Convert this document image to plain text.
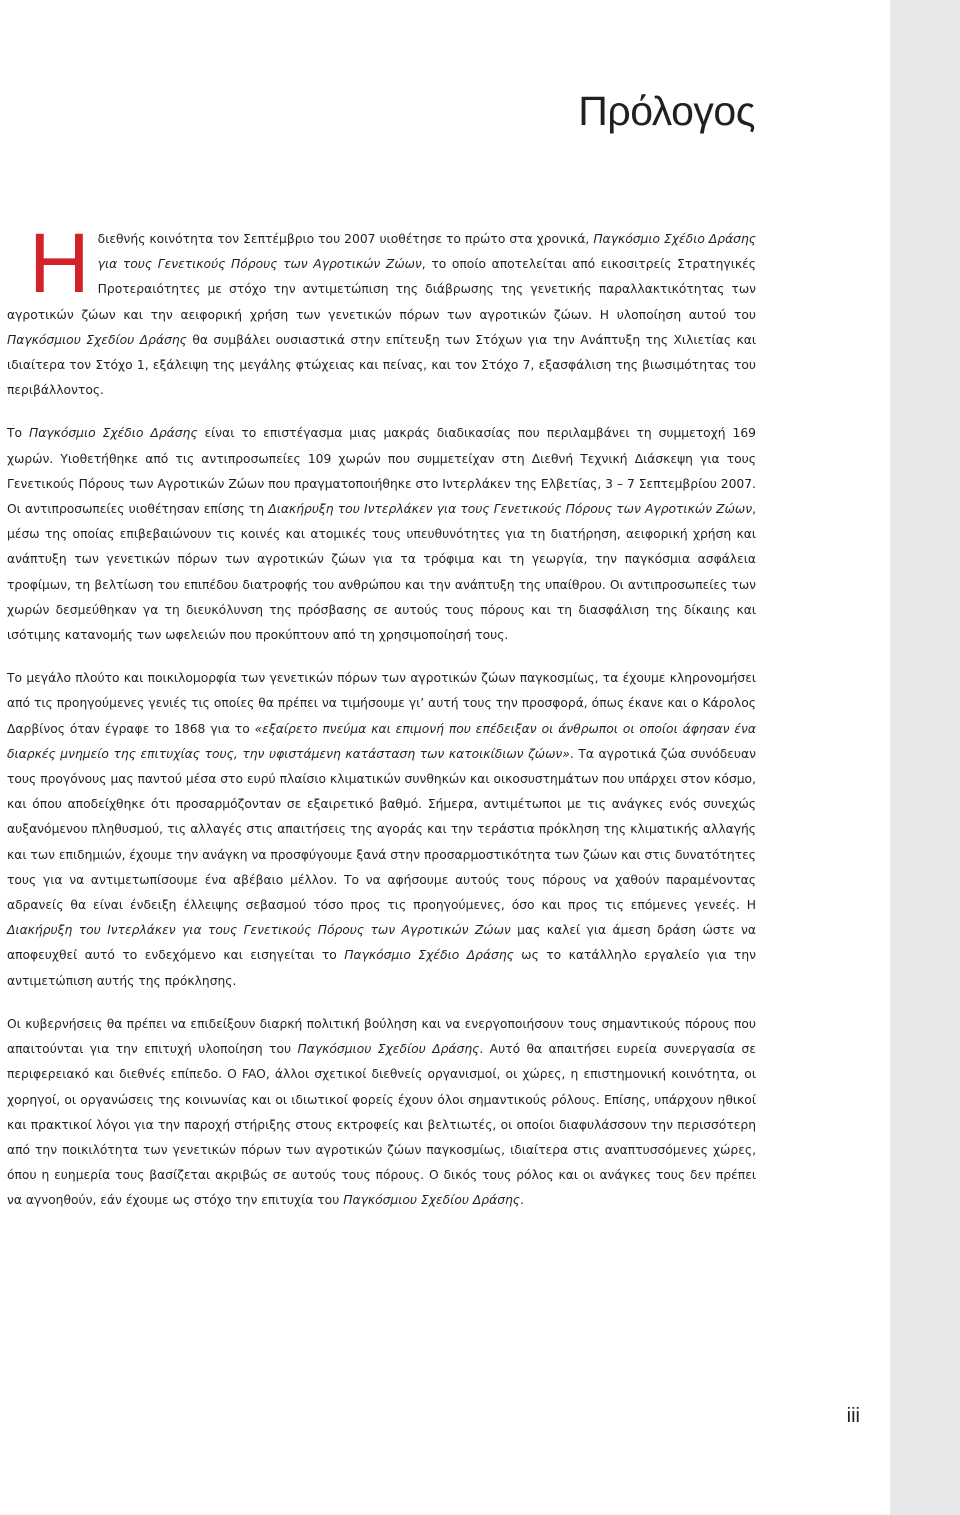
Πρόλογος

Ηδιεθνής κοινότητα τον Σεπτέμβριο του 2007 υιοθέτησε το πρώτο στα χρονικά, Παγκόσμιο Σχέδιο Δράσης για τους Γενετικούς Πόρους των Αγροτικών Ζώων, το οποίο αποτελείται από εικοσιτρείς Στρατηγικές Προτεραιότητες με στόχο την αντιμετώπιση της διάβρωσης της γενετικής παραλλακτικότητας των αγροτικών ζώων και την αειφορική χρήση των γενετικών πόρων των αγροτικών ζώων. Η υλοποίηση αυτού του Παγκόσμιου Σχεδίου Δράσης θα συμβάλει ουσιαστικά στην επίτευξη των Στόχων για την Ανάπτυξη της Χιλιετίας και ιδιαίτερα τον Στόχο 1, εξάλειψη της μεγάλης φτώχειας και πείνας, και τον Στόχο 7, εξασφάλιση της βιωσιμότητας του περιβάλλοντος.

Το Παγκόσμιο Σχέδιο Δράσης είναι το επιστέγασμα μιας μακράς διαδικασίας που περιλαμβάνει τη συμμετοχή 169 χωρών. Υιοθετήθηκε από τις αντιπροσωπείες 109 χωρών που συμμετείχαν στη Διεθνή Τεχνική Διάσκεψη για τους Γενετικούς Πόρους των Αγροτικών Ζώων που πραγματοποιήθηκε στο Ιντερλάκεν της Ελβετίας, 3 – 7 Σεπτεμβρίου 2007. Οι αντιπροσωπείες υιοθέτησαν επίσης τη Διακήρυξη του Ιντερλάκεν για τους Γενετικούς Πόρους των Αγροτικών Ζώων, μέσω της οποίας επιβεβαιώνουν τις κοινές και ατομικές τους υπευθυνότητες για τη διατήρηση, αειφορική χρήση και ανάπτυξη των γενετικών πόρων των αγροτικών ζώων για τα τρόφιμα και τη γεωργία, την παγκόσμια ασφάλεια τροφίμων, τη βελτίωση του επιπέδου διατροφής του ανθρώπου και την ανάπτυξη της υπαίθρου. Οι αντιπροσωπείες των χωρών δεσμεύθηκαν γα τη διευκόλυνση της πρόσβασης σε αυτούς τους πόρους και τη διασφάλιση της δίκαιης και ισότιμης κατανομής των ωφελειών που προκύπτουν από τη χρησιμοποίησή τους.

Το μεγάλο πλούτο και ποικιλομορφία των γενετικών πόρων των αγροτικών ζώων παγκοσμίως, τα έχουμε κληρονομήσει από τις προηγούμενες γενιές τις οποίες θα πρέπει να τιμήσουμε γι’ αυτή τους την προσφορά, όπως έκανε και ο Κάρολος Δαρβίνος όταν έγραφε το 1868 για το «εξαίρετο πνεύμα και επιμονή που επέδειξαν οι άνθρωποι οι οποίοι άφησαν ένα διαρκές μνημείο της επιτυχίας τους, την υφιστάμενη κατάσταση των κατοικίδιων ζώων». Τα αγροτικά ζώα συνόδευαν τους προγόνους μας παντού μέσα στο ευρύ πλαίσιο κλιματικών συνθηκών και οικοσυστημάτων που υπάρχει στον κόσμο, και όπου αποδείχθηκε ότι προσαρμόζονταν σε εξαιρετικό βαθμό. Σήμερα, αντιμέτωποι με τις ανάγκες ενός συνεχώς αυξανόμενου πληθυσμού, τις αλλαγές στις απαιτήσεις της αγοράς και την τεράστια πρόκληση της κλιματικής αλλαγής και των επιδημιών, έχουμε την ανάγκη να προσφύγουμε ξανά στην προσαρμοστικότητα των ζώων και στις δυνατότητες τους για να αντιμετωπίσουμε ένα αβέβαιο μέλλον. Το να αφήσουμε αυτούς τους πόρους να χαθούν παραμένοντας αδρανείς θα είναι ένδειξη έλλειψης σεβασμού τόσο προς τις προηγούμενες, όσο και προς τις επόμενες γενεές. Η Διακήρυξη του Ιντερλάκεν για τους Γενετικούς Πόρους των Αγροτικών Ζώων μας καλεί για άμεση δράση ώστε να αποφευχθεί αυτό το ενδεχόμενο και εισηγείται το Παγκόσμιο Σχέδιο Δράσης ως το κατάλληλο εργαλείο για την αντιμετώπιση αυτής της πρόκλησης.

Οι κυβερνήσεις θα πρέπει να επιδείξουν διαρκή πολιτική βούληση και να ενεργοποιήσουν τους σημαντικούς πόρους που απαιτούνται για την επιτυχή υλοποίηση του Παγκόσμιου Σχεδίου Δράσης. Αυτό θα απαιτήσει ευρεία συνεργασία σε περιφερειακό και διεθνές επίπεδο. Ο FAO, άλλοι σχετικοί διεθνείς οργανισμοί, οι χώρες, η επιστημονική κοινότητα, οι χορηγοί, οι οργανώσεις της κοινωνίας και οι ιδιωτικοί φορείς έχουν όλοι σημαντικούς ρόλους. Επίσης, υπάρχουν ηθικοί και πρακτικοί λόγοι για την παροχή στήριξης στους εκτροφείς και βελτιωτές, οι οποίοι διαφυλάσσουν την περισσότερη από την ποικιλότητα των γενετικών πόρων των αγροτικών ζώων παγκοσμίως, ιδιαίτερα στις αναπτυσσόμενες χώρες, όπου η ευημερία τους βασίζεται ακριβώς σε αυτούς τους πόρους. Ο δικός τους ρόλος και οι ανάγκες τους δεν πρέπει να αγνοηθούν, εάν έχουμε ως στόχο την επιτυχία του Παγκόσμιου Σχεδίου Δράσης.

iii
